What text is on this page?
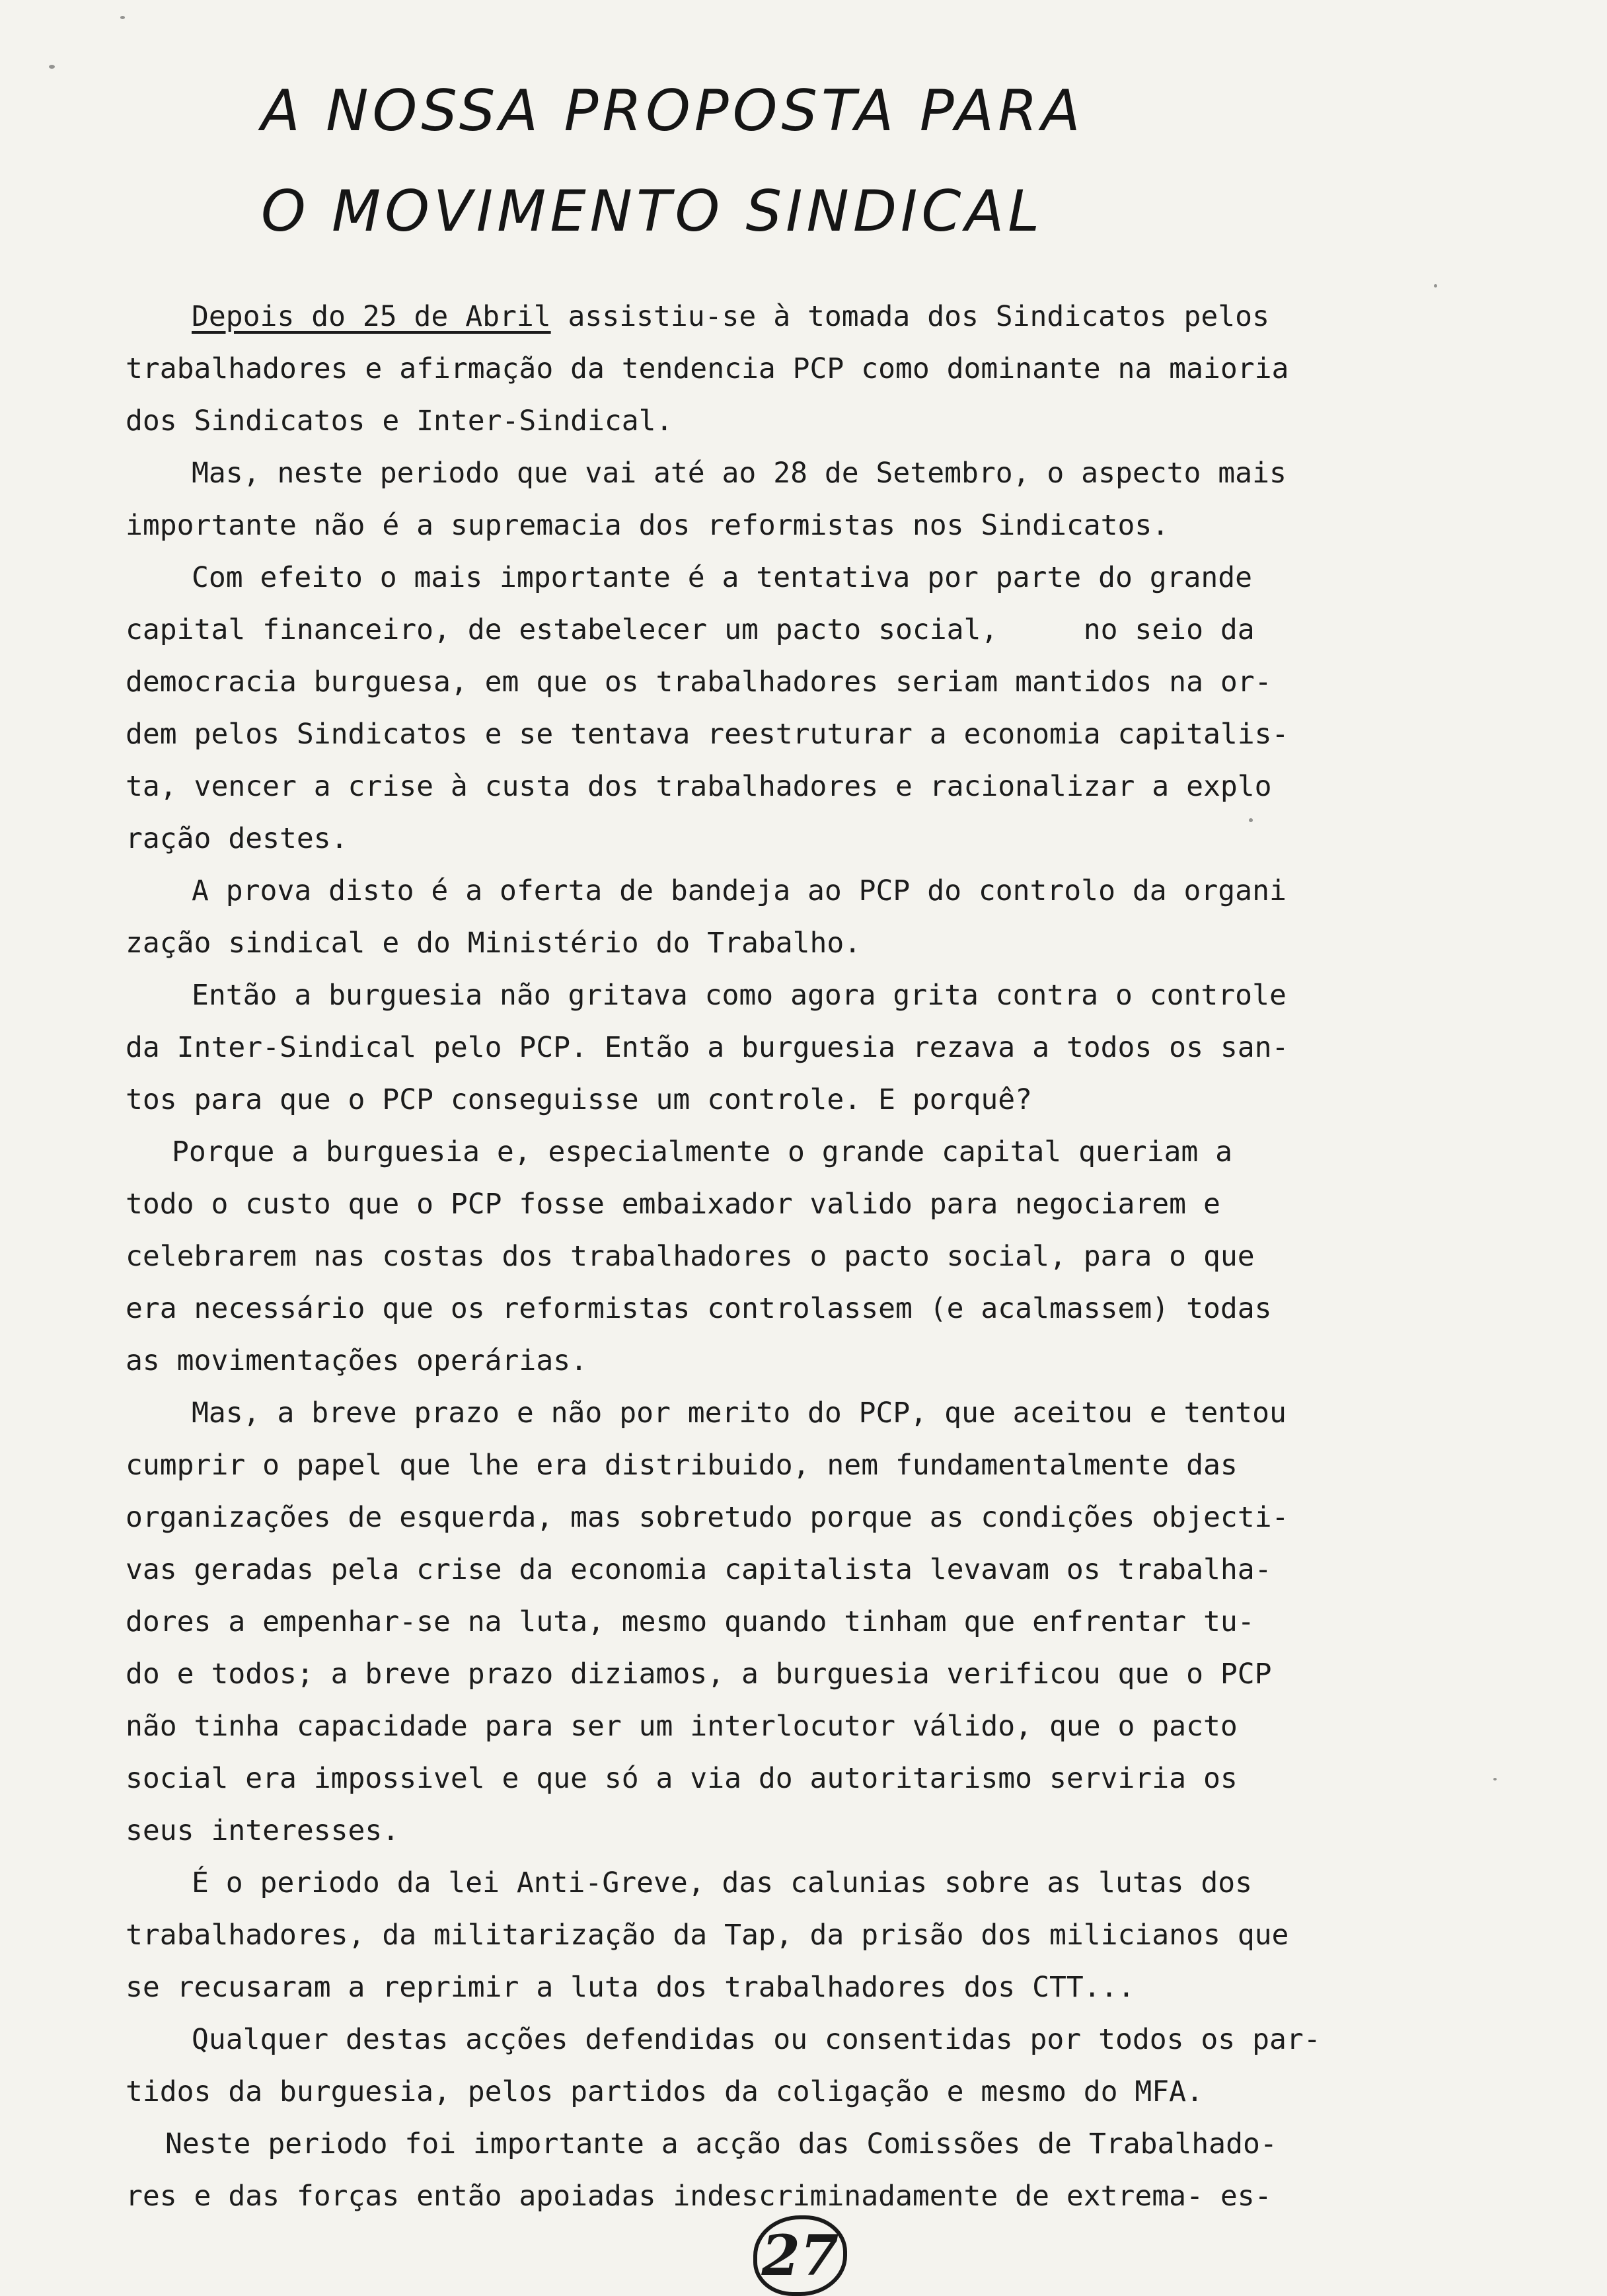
A NOSSA PROPOSTA PARA
O MOVIMENTO SINDICAL
Depois do 25 de Abril assistiu-se à tomada dos Sindicatos pelos
trabalhadores e afirmação da tendencia PCP como dominante na maioria
dos Sindicatos e Inter-Sindical.
Mas, neste periodo que vai até ao 28 de Setembro, o aspecto mais
importante não é a supremacia dos reformistas nos Sindicatos.
Com efeito o mais importante é a tentativa por parte do grande
capital financeiro, de estabelecer um pacto social,     no seio da
democracia burguesa, em que os trabalhadores seriam mantidos na or-
dem pelos Sindicatos e se tentava reestruturar a economia capitalis-
ta, vencer a crise à custa dos trabalhadores e racionalizar a explo
ração destes.
A prova disto é a oferta de bandeja ao PCP do controlo da organi
zação sindical e do Ministério do Trabalho.
Então a burguesia não gritava como agora grita contra o controle
da Inter-Sindical pelo PCP. Então a burguesia rezava a todos os san-
tos para que o PCP conseguisse um controle. E porquê?
Porque a burguesia e, especialmente o grande capital queriam a
todo o custo que o PCP fosse embaixador valido para negociarem e
celebrarem nas costas dos trabalhadores o pacto social, para o que
era necessário que os reformistas controlassem (e acalmassem) todas
as movimentações operárias.
Mas, a breve prazo e não por merito do PCP, que aceitou e tentou
cumprir o papel que lhe era distribuido, nem fundamentalmente das
organizações de esquerda, mas sobretudo porque as condições objecti-
vas geradas pela crise da economia capitalista levavam os trabalha-
dores a empenhar-se na luta, mesmo quando tinham que enfrentar tu-
do e todos; a breve prazo diziamos, a burguesia verificou que o PCP
não tinha capacidade para ser um interlocutor válido, que o pacto
social era impossivel e que só a via do autoritarismo serviria os
seus interesses.
É o periodo da lei Anti-Greve, das calunias sobre as lutas dos
trabalhadores, da militarização da Tap, da prisão dos milicianos que
se recusaram a reprimir a luta dos trabalhadores dos CTT...
Qualquer destas acções defendidas ou consentidas por todos os par-
tidos da burguesia, pelos partidos da coligação e mesmo do MFA.
Neste periodo foi importante a acção das Comissões de Trabalhado-
res e das forças então apoiadas indescriminadamente de extrema- es-
27
